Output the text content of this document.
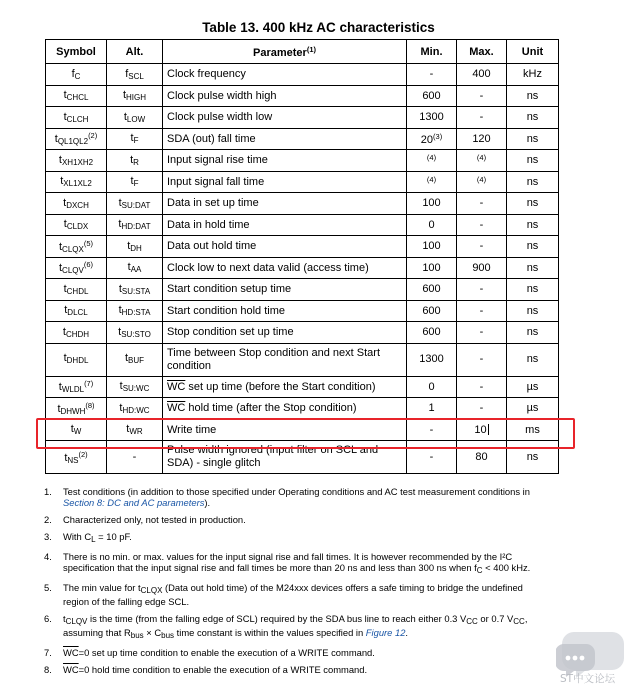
Table 13. 400 kHz AC characteristics
Symbol	Alt.	Parameter$^{(1)}$	Min.	Max.	Unit
$f_C$	$f_{SCL}$	Clock frequency	-	400	kHz
$t_{CHCL}$	$t_{HIGH}$	Clock pulse width high	600	-	ns
$t_{CLCH}$	$t_{LOW}$	Clock pulse width low	1300	-	ns
$t_{QL1QL2}^{(2)}$	$t_F$	SDA (out) fall time	20$^{(3)}$	120	ns
$t_{XH1XH2}$	$t_R$	Input signal rise time	$^{(4)}$	$^{(4)}$	ns
$t_{XL1XL2}$	$t_F$	Input signal fall time	$^{(4)}$	$^{(4)}$	ns
$t_{DXCH}$	$t_{SU:DAT}$	Data in set up time	100	-	ns
$t_{CLDX}$	$t_{HD:DAT}$	Data in hold time	0	-	ns
$t_{CLQX}^{(5)}$	$t_{DH}$	Data out hold time	100	-	ns
$t_{CLQV}^{(6)}$	$t_{AA}$	Clock low to next data valid (access time)	100	900	ns
$t_{CHDL}$	$t_{SU:STA}$	Start condition setup time	600	-	ns
$t_{DLCL}$	$t_{HD:STA}$	Start condition hold time	600	-	ns
$t_{CHDH}$	$t_{SU:STO}$	Stop condition set up time	600	-	ns
$t_{DHDL}$	$t_{BUF}$	Time between Stop condition and next Start condition	1300	-	ns
$t_{WLDL}^{(7)}$	$t_{SU:WC}$	$\overline{WC}$ set up time (before the Start condition)	0	-	µs
$t_{DHWH}^{(8)}$	$t_{HD:WC}$	$\overline{WC}$ hold time (after the Stop condition)	1	-	µs
$t_W$	$t_{WR}$	Write time	-	10	ms
$t_{NS}^{(2)}$	-	Pulse width ignored (input filter on SCL and SDA) - single glitch	-	80	ns
1.	Test conditions (in addition to those specified under Operating conditions and AC test measurement conditions in Section 8: DC and AC parameters).
2.	Characterized only, not tested in production.
3.	With $C_L = 10$ pF.
4.	There is no min. or max. values for the input signal rise and fall times. It is however recommended by the I²C specification that the input signal rise and fall times be more than 20 ns and less than 300 ns when $f_C < 400$ kHz.
5.	The min value for $t_{CLQX}$ (Data out hold time) of the M24xxx devices offers a safe timing to bridge the undefined region of the falling edge SCL.
6.	$t_{CLQV}$ is the time (from the falling edge of SCL) required by the SDA bus line to reach either 0.3 $V_{CC}$ or 0.7 $V_{CC}$, assuming that $R_{bus} \times C_{bus}$ time constant is within the values specified in Figure 12.
7.	$\overline{WC}=0$ set up time condition to enable the execution of a WRITE command.
8.	$\overline{WC}=0$ hold time condition to enable the execution of a WRITE command.
ST中文论坛
